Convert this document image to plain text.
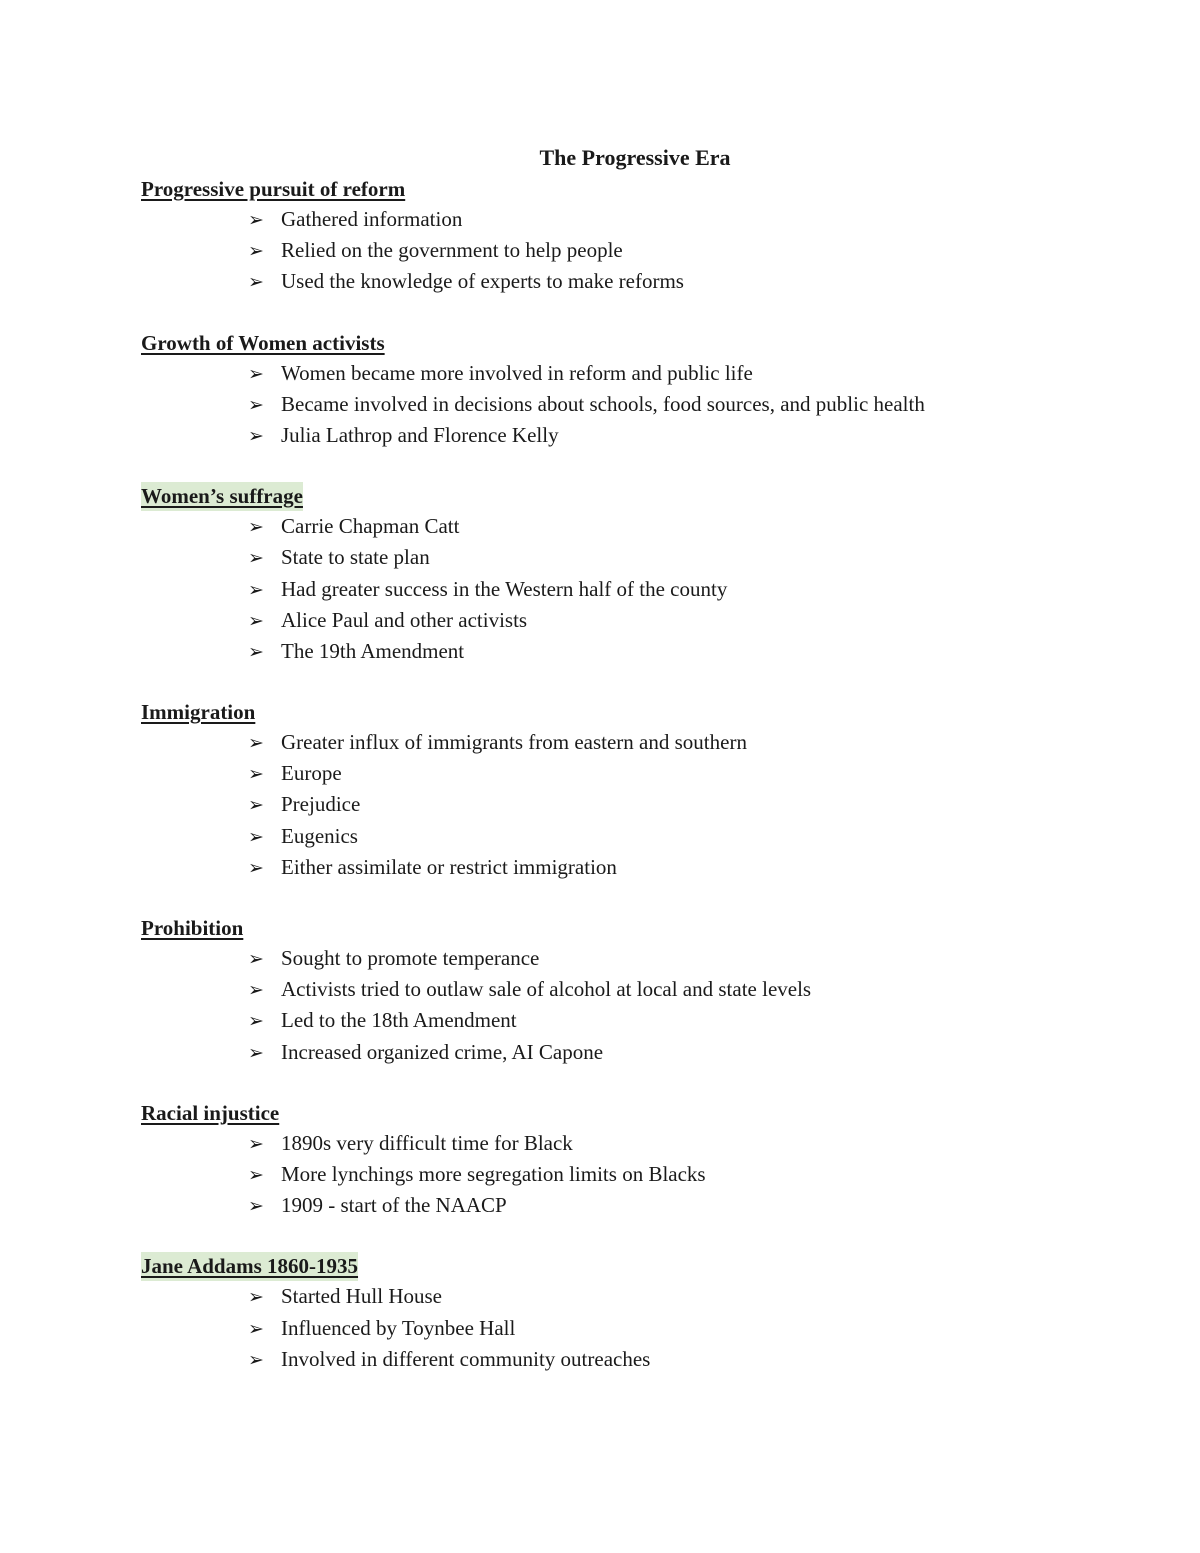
The Progressive Era
Progressive pursuit of reform
➢ Gathered information
➢ Relied on the government to help people
➢ Used the knowledge of experts to make reforms
Growth of Women activists
➢ Women became more involved in reform and public life
➢ Became involved in decisions about schools, food sources, and public health
➢ Julia Lathrop and Florence Kelly
Women’s suffrage
➢ Carrie Chapman Catt
➢ State to state plan
➢ Had greater success in the Western half of the county
➢ Alice Paul and other activists
➢ The 19th Amendment
Immigration
➢ Greater influx of immigrants from eastern and southern
➢ Europe
➢ Prejudice
➢ Eugenics
➢ Either assimilate or restrict immigration
Prohibition
➢ Sought to promote temperance
➢ Activists tried to outlaw sale of alcohol at local and state levels
➢ Led to the 18th Amendment
➢ Increased organized crime, AI Capone
Racial injustice
➢ 1890s very difficult time for Black
➢ More lynchings more segregation limits on Blacks
➢ 1909 - start of the NAACP
Jane Addams 1860-1935
➢ Started Hull House
➢ Influenced by Toynbee Hall
➢ Involved in different community outreaches
